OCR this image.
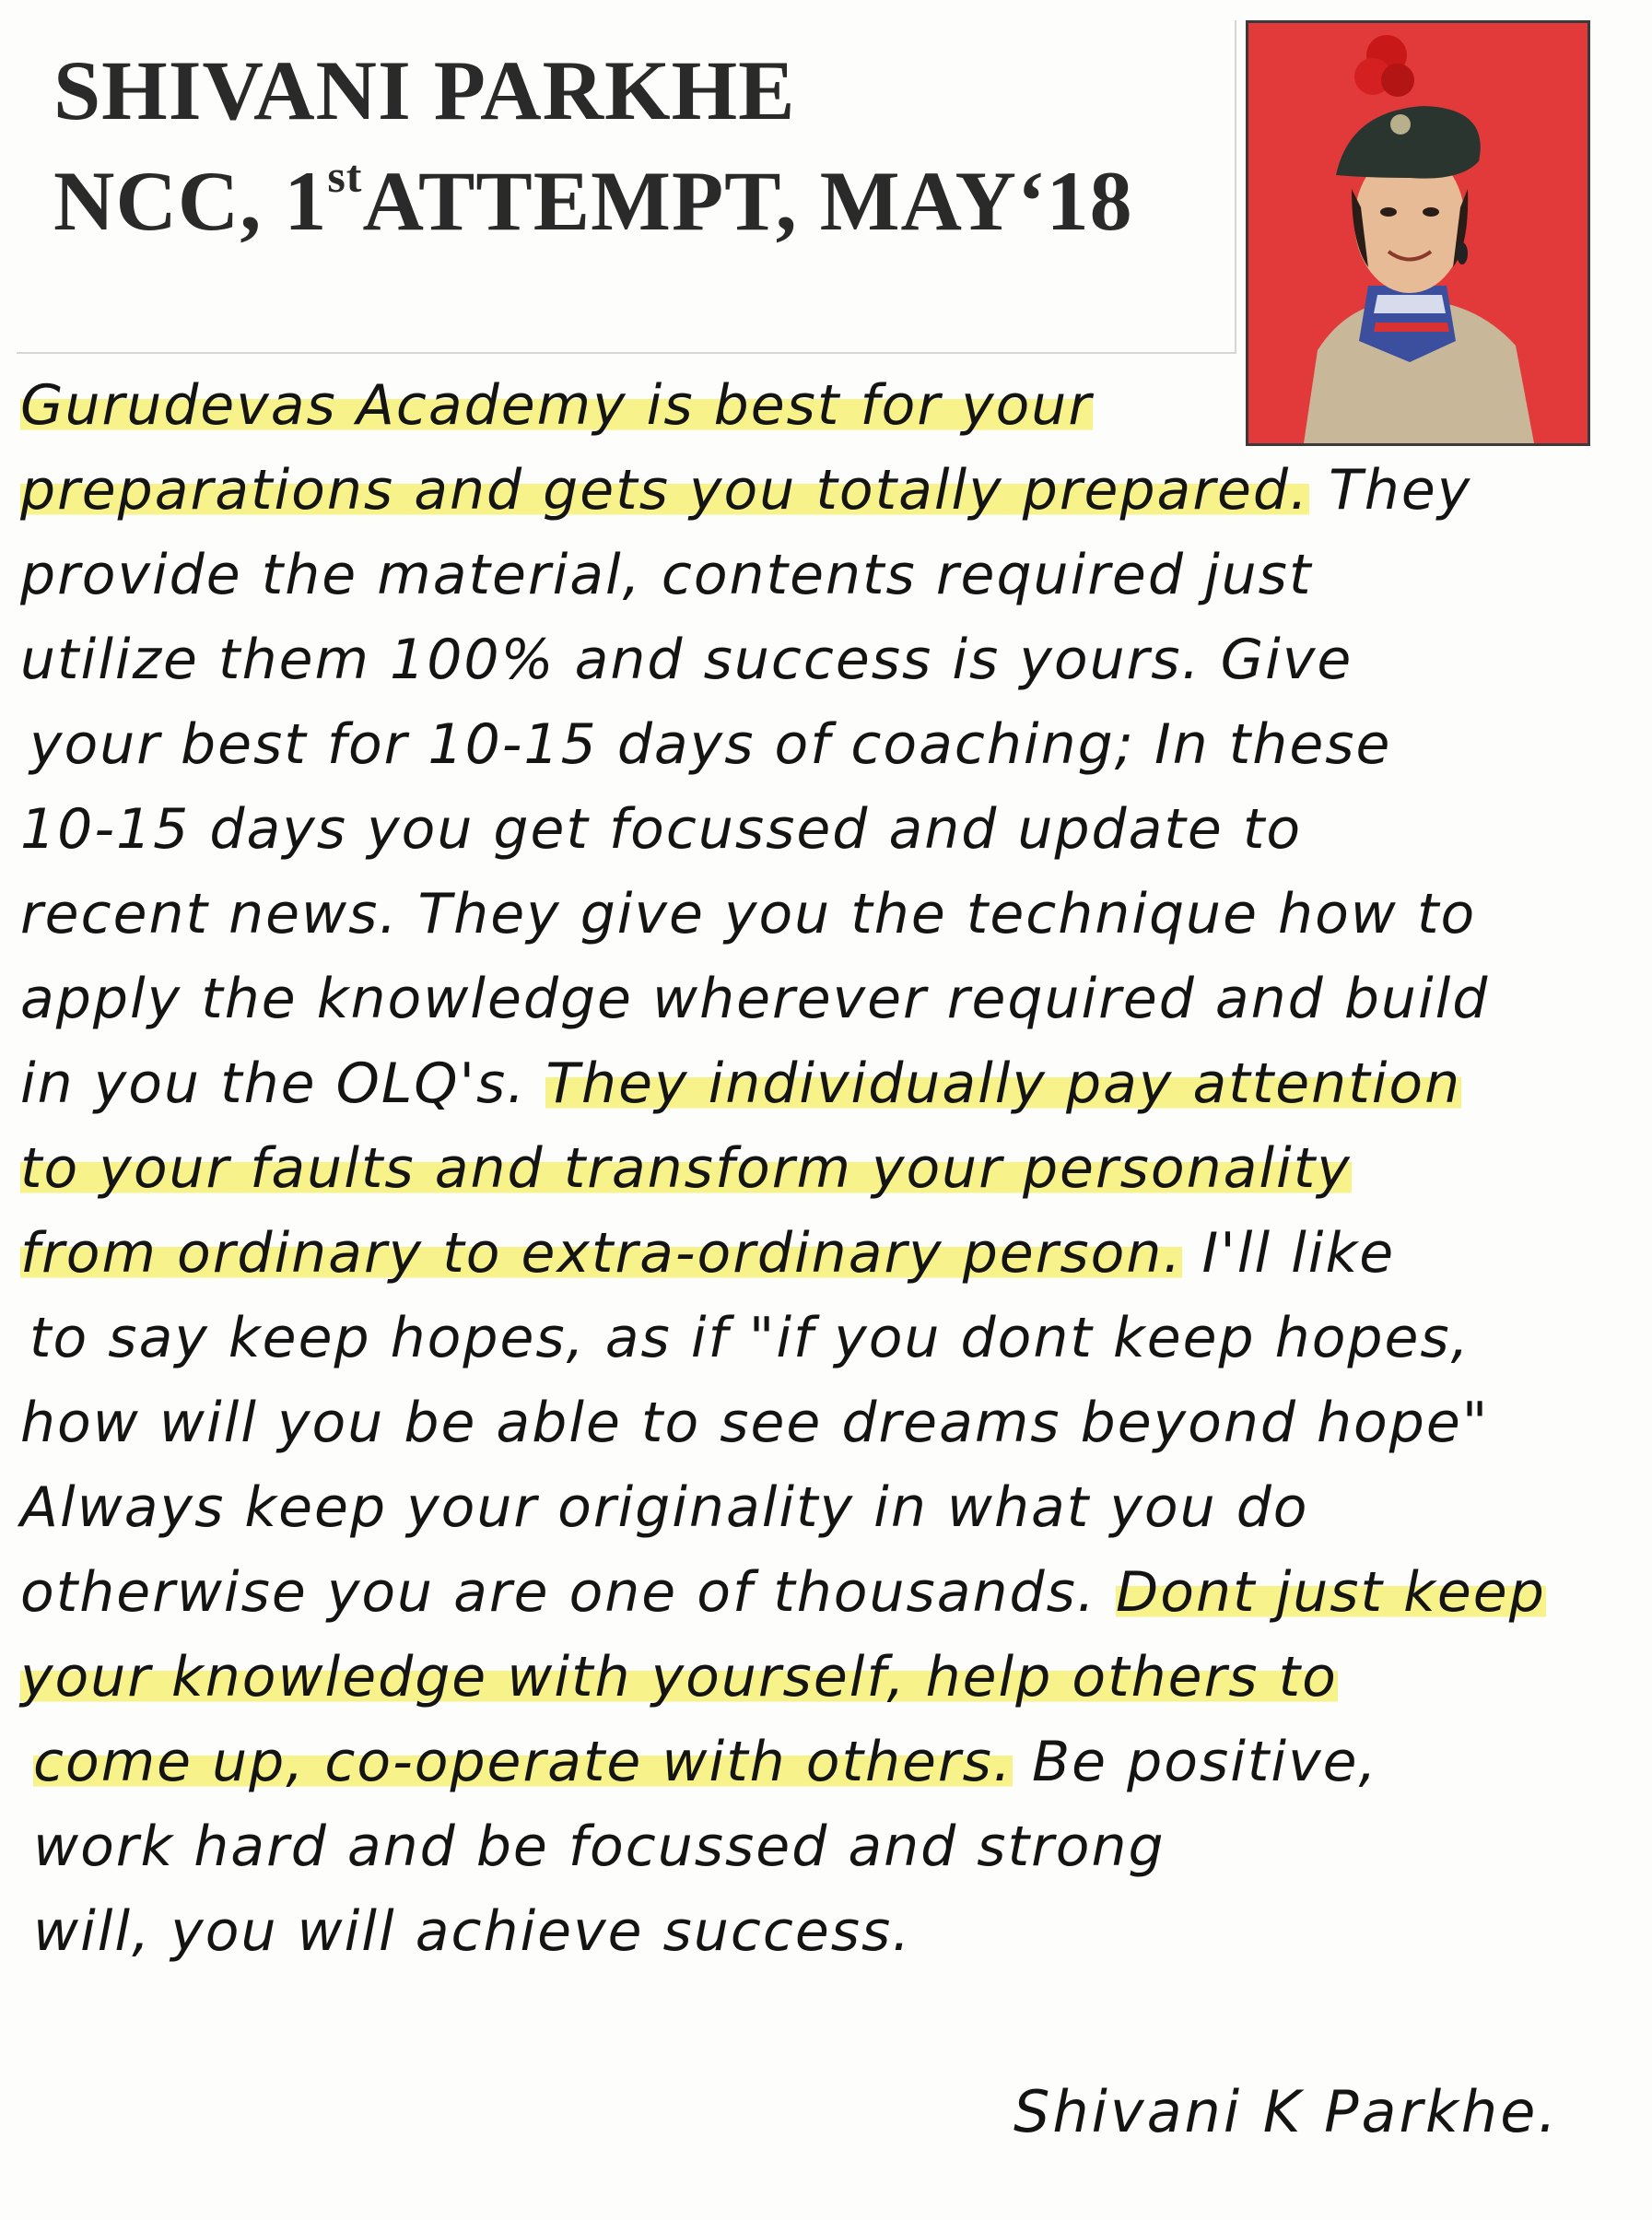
SHIVANI PARKHE
NCC, 1stATTEMPT, MAY‘18
Gurudevas Academy is best for your
preparations and gets you totally prepared. They
provide the material, contents required just
utilize them 100% and success is yours. Give
your best for 10-15 days of coaching; In these
10-15 days you get focussed and update to
recent news. They give you the technique how to
apply the knowledge wherever required and build
in you the OLQ's. They individually pay attention
to your faults and transform your personality
from ordinary to extra-ordinary person. I'll like
to say keep hopes, as if "if you dont keep hopes,
how will you be able to see dreams beyond hope"
Always keep your originality in what you do
otherwise you are one of thousands. Dont just keep
your knowledge with yourself, help others to
come up, co-operate with others. Be positive,
work hard and be focussed and strong
will, you will achieve success.
Shivani K Parkhe.
